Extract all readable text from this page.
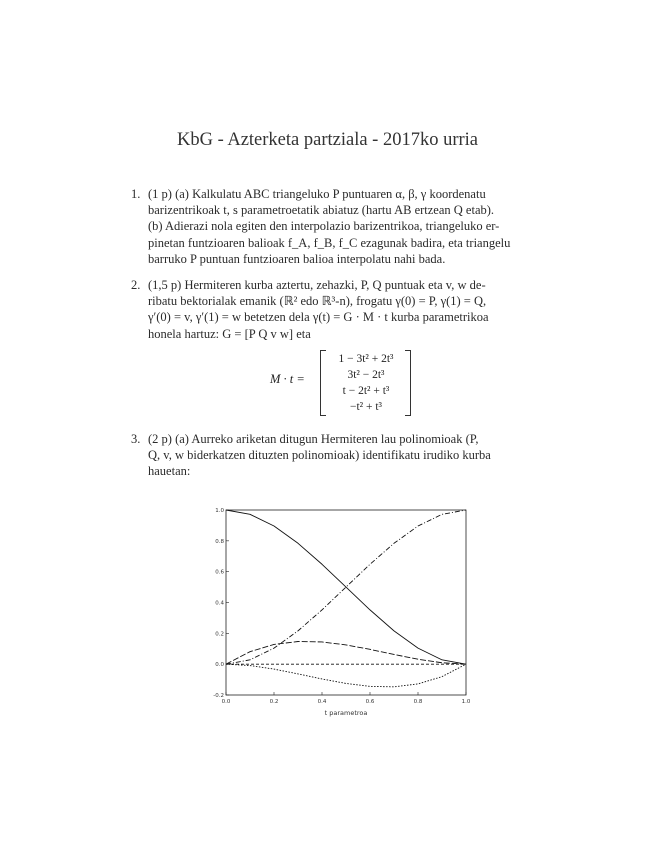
KbG - Azterketa partziala - 2017ko urria
1. (1 p) (a) Kalkulatu ABC triangeluko P puntuaren α, β, γ koordenatu
barizentrikoak t, s parametroetatik abiatuz (hartu AB ertzean Q etab).
(b) Adierazi nola egiten den interpolazio barizentrikoa, triangeluko er-
pinetan funtzioaren balioak f_A, f_B, f_C ezagunak badira, eta triangelu
barruko P puntuan funtzioaren balioa interpolatu nahi bada.
2. (1,5 p) Hermiteren kurba aztertu, zehazki, P, Q puntuak eta v, w de-
ribatu bektorialak emanik (ℝ² edo ℝ³-n), frogatu γ(0) = P, γ(1) = Q,
γ′(0) = v, γ′(1) = w betetzen dela γ(t) = G · M · t kurba parametrikoa
honela hartuz: G = [P Q v w] eta
M · t =
1 − 3t² + 2t³
3t² − 2t³
t − 2t² + t³
−t² + t³
3. (2 p) (a) Aurreko ariketan ditugun Hermiteren lau polinomioak (P,
Q, v, w biderkatzen dituzten polinomioak) identifikatu irudiko kurba
hauetan:
0.0	0.2	0.4	0.6	0.8	1.0
-0.2
0.0
0.2
0.4
0.6
0.8
1.0
t parametroa
